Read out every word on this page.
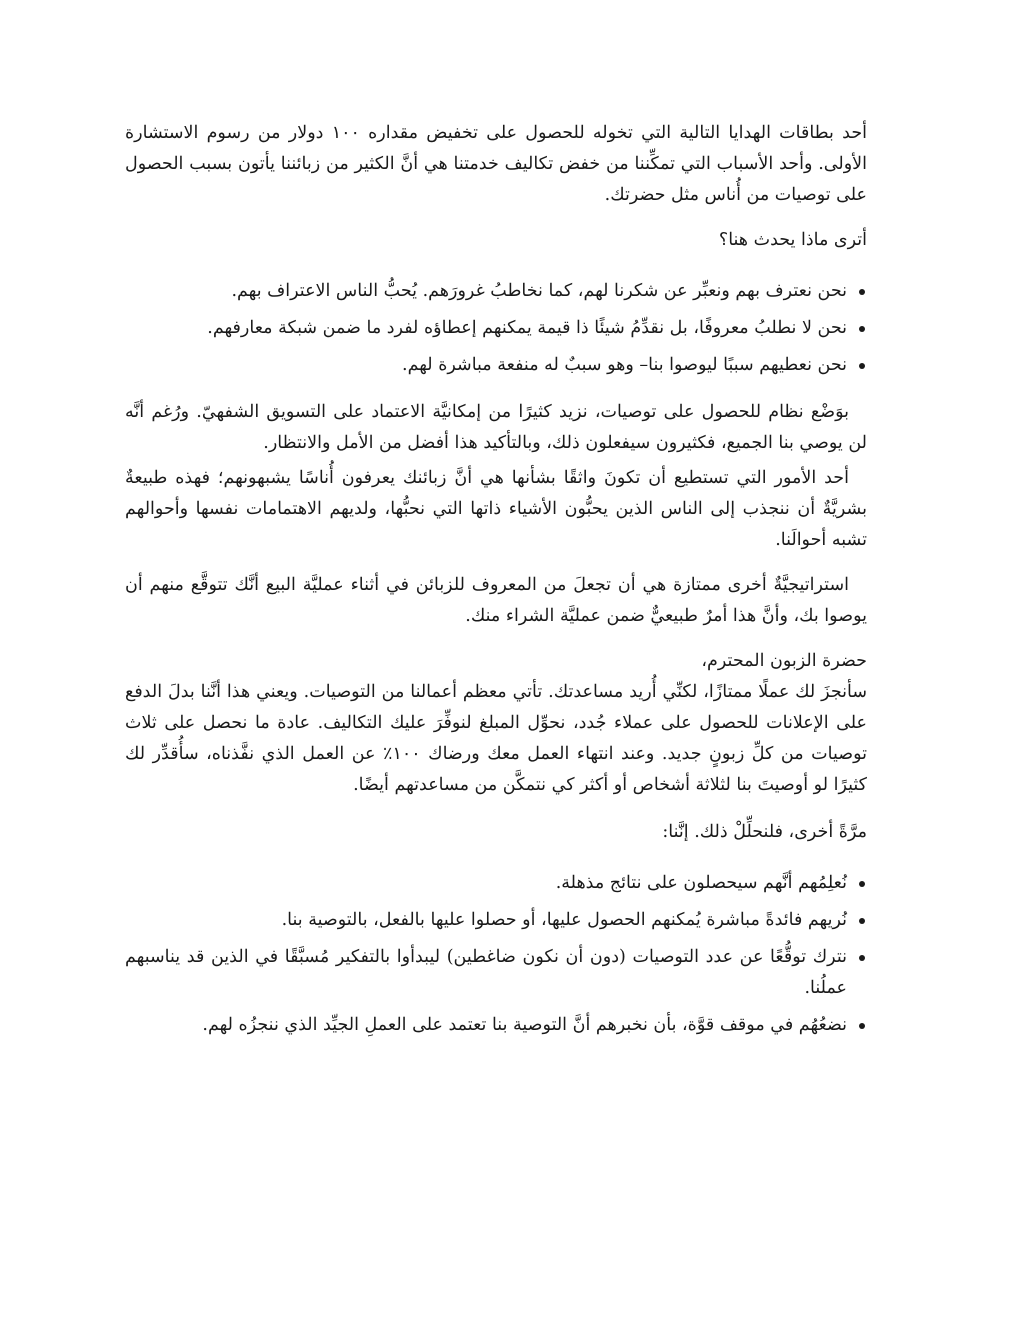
أحد بطاقات الهدايا التالية التي تخوله للحصول على تخفيض مقداره ١٠٠ دولار من رسوم الاستشارة الأولى. وأحد الأسباب التي تمكِّننا من خفض تكاليف خدمتنا هي أنَّ الكثير من زبائننا يأتون بسبب الحصول على توصيات من أُناس مثل حضرتك.

أترى ماذا يحدث هنا؟

نحن نعترف بهم ونعبِّر عن شكرنا لهم، كما نخاطبُ غرورَهم. يُحبُّ الناس الاعتراف بهم.
نحن لا نطلبُ معروفًا، بل نقدِّمُ شيئًا ذا قيمة يمكنهم إعطاؤه لفرد ما ضمن شبكة معارفهم.
نحن نعطيهم سببًا ليوصوا بنا– وهو سببٌ له منفعة مباشرة لهم.

بوَضْع نظام للحصول على توصيات، نزيد كثيرًا من إمكانيَّة الاعتماد على التسويق الشفهيّ. ورُغم أنَّه لن يوصي بنا الجميع، فكثيرون سيفعلون ذلك، وبالتأكيد هذا أفضل من الأمل والانتظار.

أحد الأمور التي تستطيع أن تكونَ واثقًا بشأنها هي أنَّ زبائنك يعرفون أُناسًا يشبهونهم؛ فهذه طبيعةٌ بشريَّةٌ أن ننجذب إلى الناس الذين يحبُّون الأشياء ذاتها التي نحبُّها، ولديهم الاهتمامات نفسها وأحوالهم تشبه أحوالَنا.

استراتيجيَّةٌ أخرى ممتازة هي أن تجعلَ من المعروف للزبائن في أثناء عمليَّة البيع أنَّك تتوقَّع منهم أن يوصوا بك، وأنَّ هذا أمرٌ طبيعيٌّ ضمن عمليَّة الشراء منك.

حضرة الزبون المحترم،

سأنجزَ لك عملًا ممتازًا، لكنِّي أُريد مساعدتك. تأتي معظم أعمالنا من التوصيات. ويعني هذا أنَّنا بدلَ الدفع على الإعلانات للحصول على عملاء جُدد، نحوِّل المبلغ لنوفِّرَ عليك التكاليف. عادة ما نحصل على ثلاث توصيات من كلِّ زبونٍ جديد. وعند انتهاء العمل معك ورضاك ١٠٠٪ عن العمل الذي نفَّذناه، سأُقدِّر لك كثيرًا لو أوصيتَ بنا لثلاثة أشخاص أو أكثر كي نتمكَّن من مساعدتهم أيضًا.

مرَّةً أخرى، فلنحلِّلْ ذلك. إنَّنا:

نُعلِمُهم أنَّهم سيحصلون على نتائج مذهلة.
نُريهم فائدةً مباشرة يُمكنهم الحصول عليها، أو حصلوا عليها بالفعل، بالتوصية بنا.
نترك توقُّعًا عن عدد التوصيات (دون أن نكون ضاغطين) ليبدأوا بالتفكير مُسبَّقًا في الذين قد يناسبهم عملُنا.
نضعُهُم في موقف قوَّة، بأن نخبرهم أنَّ التوصية بنا تعتمد على العملِ الجيِّد الذي ننجزُه لهم.
